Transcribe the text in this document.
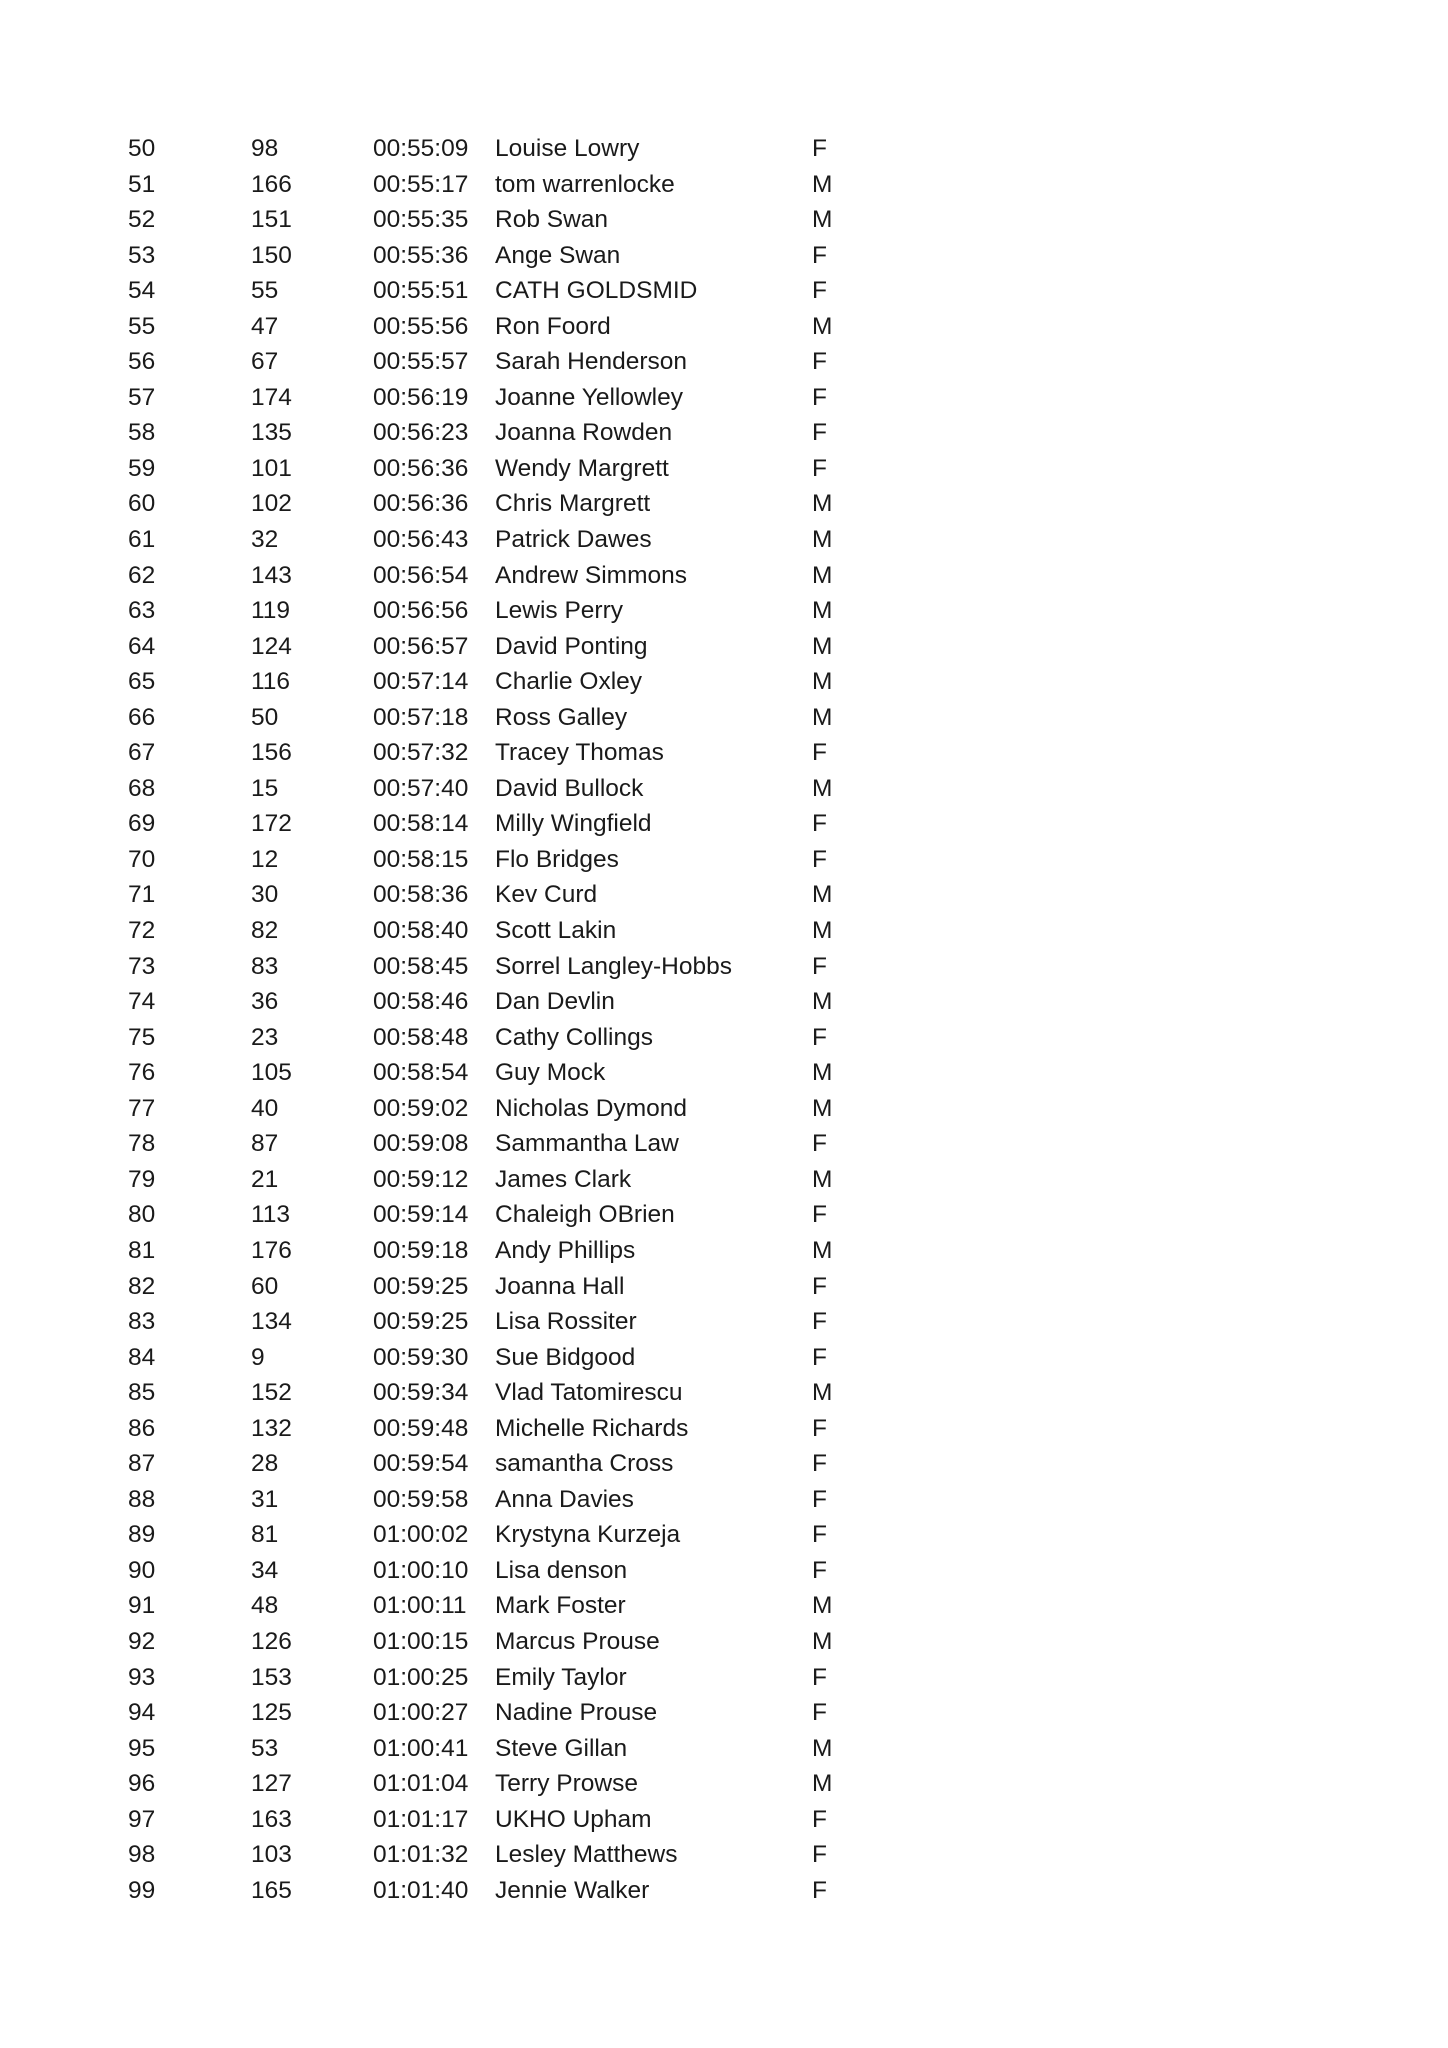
50	98	00:55:09 Louise Lowry	F
51	166	00:55:17 tom warrenlocke	M
52	151	00:55:35 Rob Swan	M
53	150	00:55:36 Ange Swan	F
54	55	00:55:51 CATH GOLDSMID	F
55	47	00:55:56 Ron Foord	M
56	67	00:55:57 Sarah Henderson	F
57	174	00:56:19 Joanne Yellowley	F
58	135	00:56:23 Joanna Rowden	F
59	101	00:56:36 Wendy Margrett	F
60	102	00:56:36 Chris Margrett	M
61	32	00:56:43 Patrick Dawes	M
62	143	00:56:54 Andrew Simmons	M
63	119	00:56:56 Lewis Perry	M
64	124	00:56:57 David Ponting	M
65	116	00:57:14 Charlie Oxley	M
66	50	00:57:18 Ross Galley	M
67	156	00:57:32 Tracey Thomas	F
68	15	00:57:40 David Bullock	M
69	172	00:58:14 Milly Wingfield	F
70	12	00:58:15 Flo Bridges	F
71	30	00:58:36 Kev Curd	M
72	82	00:58:40 Scott Lakin	M
73	83	00:58:45 Sorrel Langley-Hobbs	F
74	36	00:58:46 Dan Devlin	M
75	23	00:58:48 Cathy Collings	F
76	105	00:58:54 Guy Mock	M
77	40	00:59:02 Nicholas Dymond	M
78	87	00:59:08 Sammantha Law	F
79	21	00:59:12 James Clark	M
80	113	00:59:14 Chaleigh OBrien	F
81	176	00:59:18 Andy Phillips	M
82	60	00:59:25 Joanna Hall	F
83	134	00:59:25 Lisa Rossiter	F
84	9	00:59:30 Sue Bidgood	F
85	152	00:59:34 Vlad Tatomirescu	M
86	132	00:59:48 Michelle Richards	F
87	28	00:59:54 samantha Cross	F
88	31	00:59:58 Anna Davies	F
89	81	01:00:02 Krystyna Kurzeja	F
90	34	01:00:10 Lisa denson	F
91	48	01:00:11 Mark Foster	M
92	126	01:00:15 Marcus Prouse	M
93	153	01:00:25 Emily Taylor	F
94	125	01:00:27 Nadine Prouse	F
95	53	01:00:41 Steve Gillan	M
96	127	01:01:04 Terry Prowse	M
97	163	01:01:17 UKHO Upham	F
98	103	01:01:32 Lesley Matthews	F
99	165	01:01:40 Jennie Walker	F
